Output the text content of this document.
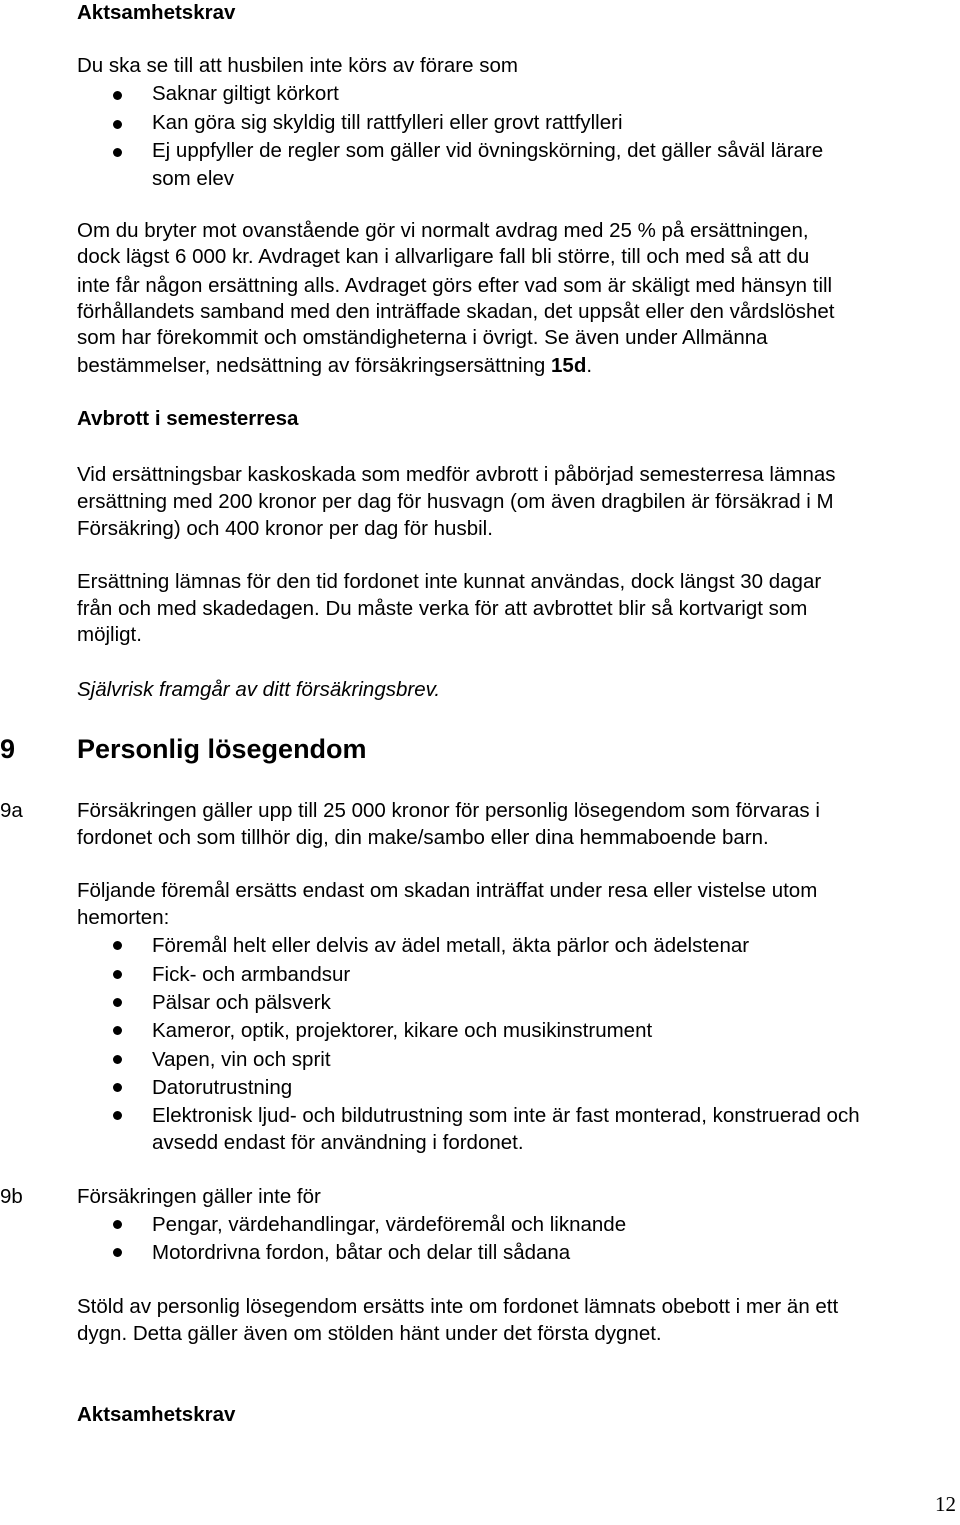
Aktsamhetskrav
Du ska se till att husbilen inte körs av förare som
Saknar giltigt körkort
Kan göra sig skyldig till rattfylleri eller grovt rattfylleri
Ej uppfyller de regler som gäller vid övningskörning, det gäller såväl lärare
som elev
Om du bryter mot ovanstående gör vi normalt avdrag med 25 % på ersättningen,
dock lägst 6 000 kr. Avdraget kan i allvarligare fall bli större, till och med så att du
inte får någon ersättning alls. Avdraget görs efter vad som är skäligt med hänsyn till
förhållandets samband med den inträffade skadan, det uppsåt eller den vårdslöshet
som har förekommit och omständigheterna i övrigt. Se även under Allmänna
bestämmelser, nedsättning av försäkringsersättning 15d.
Avbrott i semesterresa
Vid ersättningsbar kaskoskada som medför avbrott i påbörjad semesterresa lämnas
ersättning med 200 kronor per dag för husvagn (om även dragbilen är försäkrad i M
Försäkring) och 400 kronor per dag för husbil.
Ersättning lämnas för den tid fordonet inte kunnat användas, dock längst 30 dagar
från och med skadedagen. Du måste verka för att avbrottet blir så kortvarigt som
möjligt.
Självrisk framgår av ditt försäkringsbrev.
9 Personlig lösegendom
9a	Försäkringen gäller upp till 25 000 kronor för personlig lösegendom som förvaras i
fordonet och som tillhör dig, din make/sambo eller dina hemmaboende barn.
Följande föremål ersätts endast om skadan inträffat under resa eller vistelse utom
hemorten:
Föremål helt eller delvis av ädel metall, äkta pärlor och ädelstenar
Fick- och armbandsur
Pälsar och pälsverk
Kameror, optik, projektorer, kikare och musikinstrument
Vapen, vin och sprit
Datorutrustning
Elektronisk ljud- och bildutrustning som inte är fast monterad, konstruerad och
avsedd endast för användning i fordonet.
9b	Försäkringen gäller inte för
Pengar, värdehandlingar, värdeföremål och liknande
Motordrivna fordon, båtar och delar till sådana
Stöld av personlig lösegendom ersätts inte om fordonet lämnats obebott i mer än ett
dygn. Detta gäller även om stölden hänt under det första dygnet.
Aktsamhetskrav
12
